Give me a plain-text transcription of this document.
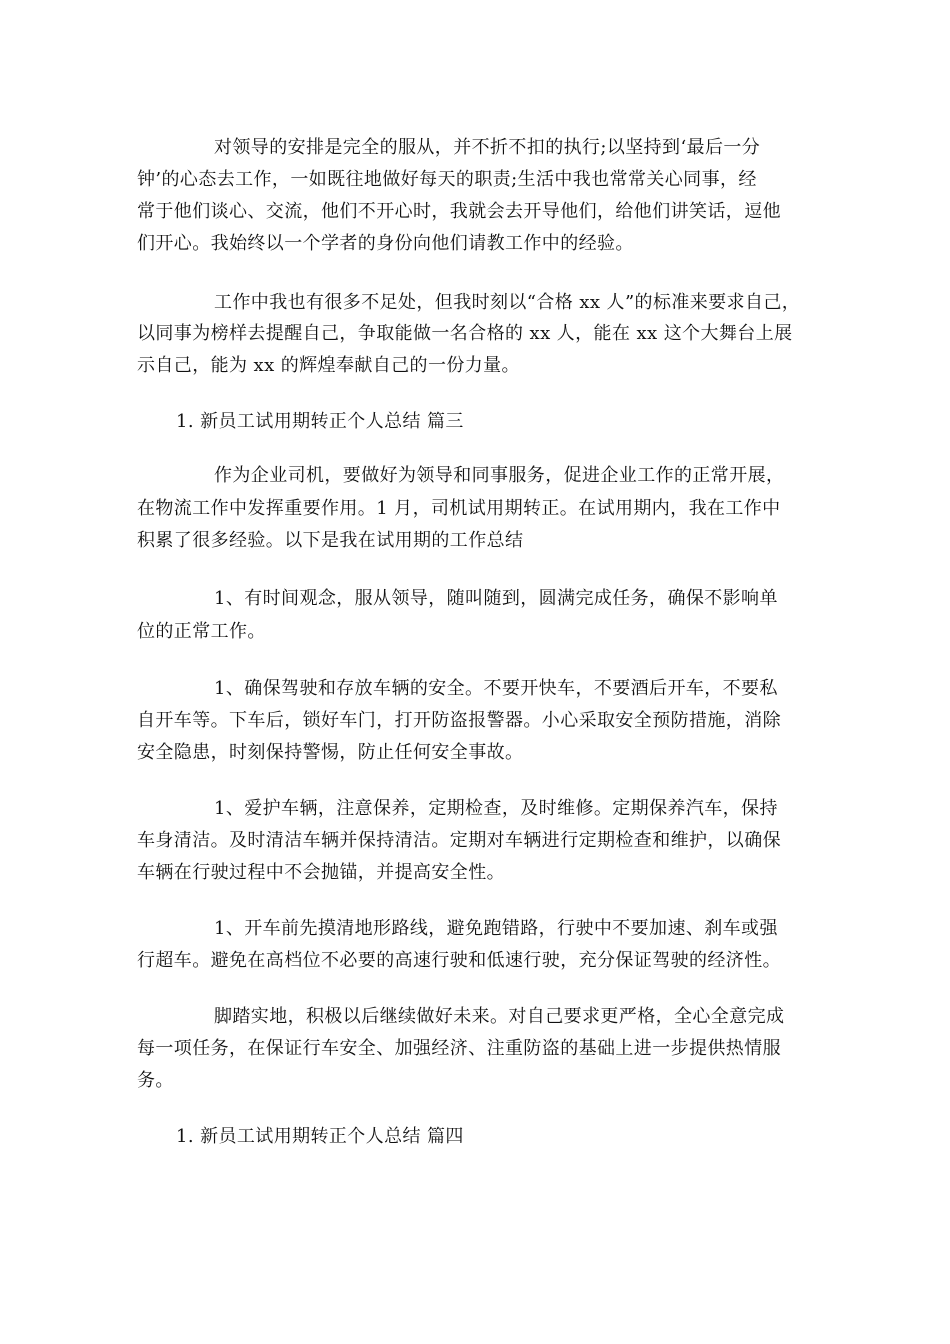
对领导的安排是完全的服从，并不折不扣的执行;以坚持到‘最后一分
钟’的心态去工作，一如既往地做好每天的职责;生活中我也常常关心同事，经
常于他们谈心、交流，他们不开心时，我就会去开导他们，给他们讲笑话，逗他
们开心。我始终以一个学者的身份向他们请教工作中的经验。
工作中我也有很多不足处，但我时刻以“合格 xx 人”的标准来要求自己，
以同事为榜样去提醒自己，争取能做一名合格的 xx 人，能在 xx 这个大舞台上展
示自己，能为 xx 的辉煌奉献自己的一份力量。
1. 新员工试用期转正个人总结 篇三
作为企业司机，要做好为领导和同事服务，促进企业工作的正常开展，
在物流工作中发挥重要作用。1 月，司机试用期转正。在试用期内，我在工作中
积累了很多经验。以下是我在试用期的工作总结
1、有时间观念，服从领导，随叫随到，圆满完成任务，确保不影响单
位的正常工作。
1、确保驾驶和存放车辆的安全。不要开快车，不要酒后开车，不要私
自开车等。下车后，锁好车门，打开防盗报警器。小心采取安全预防措施，消除
安全隐患，时刻保持警惕，防止任何安全事故。
1、爱护车辆，注意保养，定期检查，及时维修。定期保养汽车，保持
车身清洁。及时清洁车辆并保持清洁。定期对车辆进行定期检查和维护，以确保
车辆在行驶过程中不会抛锚，并提高安全性。
1、开车前先摸清地形路线，避免跑错路，行驶中不要加速、刹车或强
行超车。避免在高档位不必要的高速行驶和低速行驶，充分保证驾驶的经济性。
脚踏实地，积极以后继续做好未来。对自己要求更严格，全心全意完成
每一项任务，在保证行车安全、加强经济、注重防盗的基础上进一步提供热情服
务。
1. 新员工试用期转正个人总结 篇四
